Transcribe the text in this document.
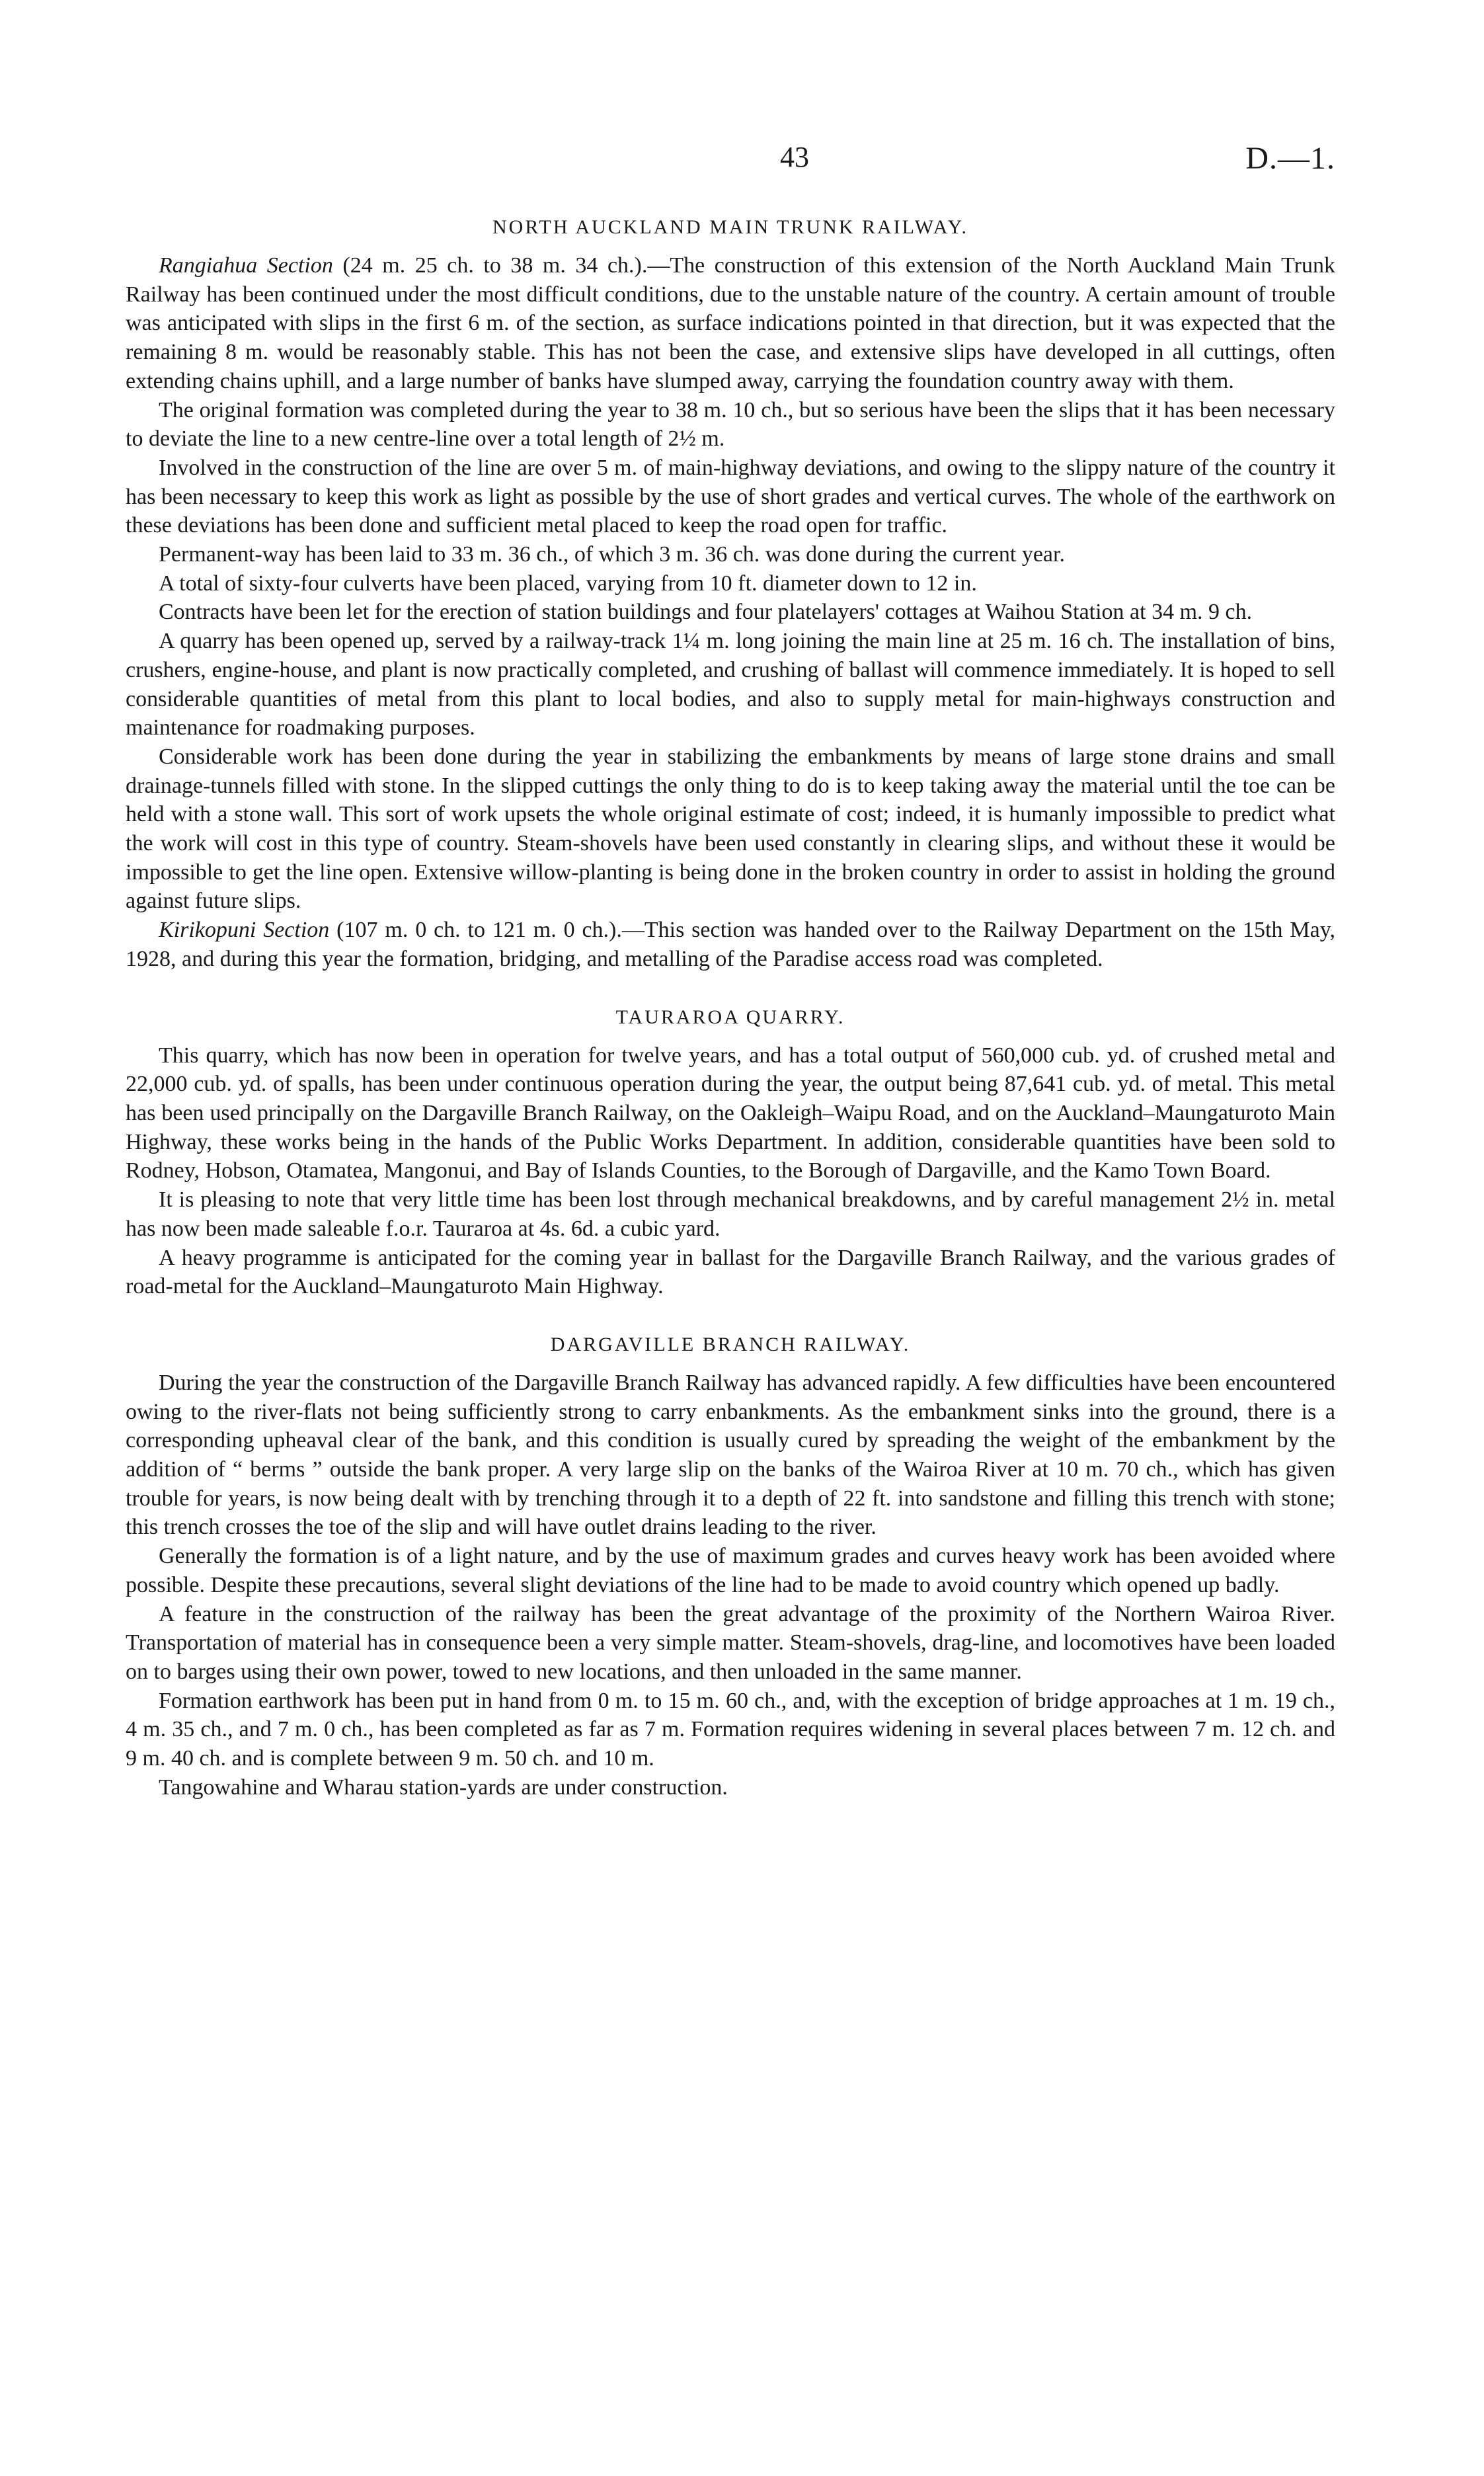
43	D.—1.
NORTH AUCKLAND MAIN TRUNK RAILWAY.

Rangiahua Section (24 m. 25 ch. to 38 m. 34 ch.).—The construction of this extension of the North Auckland Main Trunk Railway has been continued under the most difficult conditions, due to the unstable nature of the country. A certain amount of trouble was anticipated with slips in the first 6 m. of the section, as surface indications pointed in that direction, but it was expected that the remaining 8 m. would be reasonably stable. This has not been the case, and extensive slips have developed in all cuttings, often extending chains uphill, and a large number of banks have slumped away, carrying the foundation country away with them.

The original formation was completed during the year to 38 m. 10 ch., but so serious have been the slips that it has been necessary to deviate the line to a new centre-line over a total length of 2½ m.

Involved in the construction of the line are over 5 m. of main-highway deviations, and owing to the slippy nature of the country it has been necessary to keep this work as light as possible by the use of short grades and vertical curves. The whole of the earthwork on these deviations has been done and sufficient metal placed to keep the road open for traffic.

Permanent-way has been laid to 33 m. 36 ch., of which 3 m. 36 ch. was done during the current year.

A total of sixty-four culverts have been placed, varying from 10 ft. diameter down to 12 in.

Contracts have been let for the erection of station buildings and four platelayers' cottages at Waihou Station at 34 m. 9 ch.

A quarry has been opened up, served by a railway-track 1¼ m. long joining the main line at 25 m. 16 ch. The installation of bins, crushers, engine-house, and plant is now practically completed, and crushing of ballast will commence immediately. It is hoped to sell considerable quantities of metal from this plant to local bodies, and also to supply metal for main-highways construction and maintenance for roadmaking purposes.

Considerable work has been done during the year in stabilizing the embankments by means of large stone drains and small drainage-tunnels filled with stone. In the slipped cuttings the only thing to do is to keep taking away the material until the toe can be held with a stone wall. This sort of work upsets the whole original estimate of cost; indeed, it is humanly impossible to predict what the work will cost in this type of country. Steam-shovels have been used constantly in clearing slips, and without these it would be impossible to get the line open. Extensive willow-planting is being done in the broken country in order to assist in holding the ground against future slips.

Kirikopuni Section (107 m. 0 ch. to 121 m. 0 ch.).—This section was handed over to the Railway Department on the 15th May, 1928, and during this year the formation, bridging, and metalling of the Paradise access road was completed.

TAURAROA QUARRY.

This quarry, which has now been in operation for twelve years, and has a total output of 560,000 cub. yd. of crushed metal and 22,000 cub. yd. of spalls, has been under continuous operation during the year, the output being 87,641 cub. yd. of metal. This metal has been used principally on the Dargaville Branch Railway, on the Oakleigh–Waipu Road, and on the Auckland–Maungaturoto Main Highway, these works being in the hands of the Public Works Department. In addition, considerable quantities have been sold to Rodney, Hobson, Otamatea, Mangonui, and Bay of Islands Counties, to the Borough of Dargaville, and the Kamo Town Board.

It is pleasing to note that very little time has been lost through mechanical breakdowns, and by careful management 2½ in. metal has now been made saleable f.o.r. Tauraroa at 4s. 6d. a cubic yard.

A heavy programme is anticipated for the coming year in ballast for the Dargaville Branch Railway, and the various grades of road-metal for the Auckland–Maungaturoto Main Highway.

DARGAVILLE BRANCH RAILWAY.

During the year the construction of the Dargaville Branch Railway has advanced rapidly. A few difficulties have been encountered owing to the river-flats not being sufficiently strong to carry enbankments. As the embankment sinks into the ground, there is a corresponding upheaval clear of the bank, and this condition is usually cured by spreading the weight of the embankment by the addition of “ berms ” outside the bank proper. A very large slip on the banks of the Wairoa River at 10 m. 70 ch., which has given trouble for years, is now being dealt with by trenching through it to a depth of 22 ft. into sandstone and filling this trench with stone; this trench crosses the toe of the slip and will have outlet drains leading to the river.

Generally the formation is of a light nature, and by the use of maximum grades and curves heavy work has been avoided where possible. Despite these precautions, several slight deviations of the line had to be made to avoid country which opened up badly.

A feature in the construction of the railway has been the great advantage of the proximity of the Northern Wairoa River. Transportation of material has in consequence been a very simple matter. Steam-shovels, drag-line, and locomotives have been loaded on to barges using their own power, towed to new locations, and then unloaded in the same manner.

Formation earthwork has been put in hand from 0 m. to 15 m. 60 ch., and, with the exception of bridge approaches at 1 m. 19 ch., 4 m. 35 ch., and 7 m. 0 ch., has been completed as far as 7 m. Formation requires widening in several places between 7 m. 12 ch. and 9 m. 40 ch. and is complete between 9 m. 50 ch. and 10 m.

Tangowahine and Wharau station-yards are under construction.
